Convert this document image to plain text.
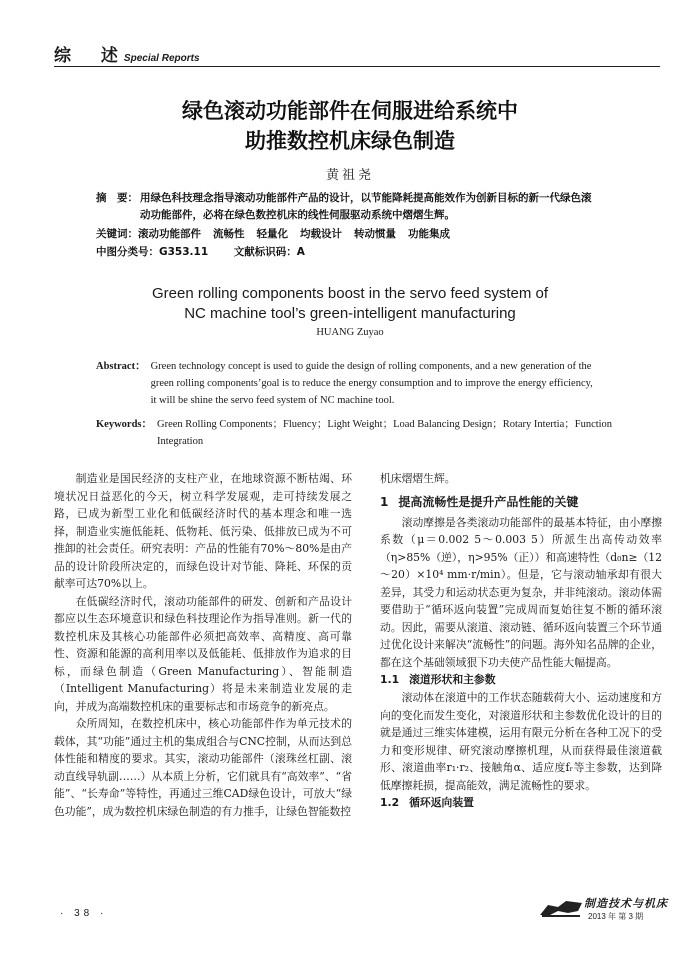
综 述
Special Reports
绿色滚动功能部件在伺服进给系统中
助推数控机床绿色制造
黄祖尧
摘　要： 用绿色科技理念指导滚动功能部件产品的设计，以节能降耗提高能效作为创新目标的新一代绿色滚
动功能部件，必将在绿色数控机床的线性伺服驱动系统中熠熠生辉。
关键词：滚动功能部件 流畅性 轻量化 均载设计 转动惯量 功能集成
中图分类号：G353.11 文献标识码：A
Green rolling components boost in the servo feed system of
NC machine tool’s green-intelligent manufacturing
HUANG Zuyao
Abstract： Green technology concept is used to guide the design of rolling components, and a new generation of the
green rolling components’goal is to reduce the energy consumption and to improve the energy efficiency,
it will be shine the servo feed system of NC machine tool.
Keywords： Green Rolling Components；Fluency；Light Weight；Load Balancing Design；Rotary Intertia；Function
Integration

制造业是国民经济的支柱产业，在地球资源不断枯竭、环境状况日益恶化的今天，树立科学发展观，走可持续发展之路，已成为新型工业化和低碳经济时代的基本理念和唯一选择，制造业实施低能耗、低物耗、低污染、低排放已成为不可推卸的社会责任。研究表明：产品的性能有70%～80%是由产品的设计阶段所决定的，而绿色设计对节能、降耗、环保的贡献率可达70%以上。

在低碳经济时代，滚动功能部件的研发、创新和产品设计都应以生态环境意识和绿色科技理论作为指导准则。新一代的数控机床及其核心功能部件必须把高效率、高精度、高可靠性、资源和能源的高利用率以及低能耗、低排放作为追求的目标，而绿色制造（Green Manufacturing）、智能制造（Intelligent Manufacturing）将是未来制造业发展的走向，并成为高端数控机床的重要标志和市场竞争的新亮点。

众所周知，在数控机床中，核心功能部件作为单元技术的载体，其“功能”通过主机的集成组合与CNC控制，从而达到总体性能和精度的要求。其实，滚动功能部件（滚珠丝杠副、滚动直线导轨副……）从本质上分析，它们就具有“高效率”、“省能”、“长寿命”等特性，再通过三维CAD绿色设计，可放大“绿色功能”，成为数控机床绿色制造的有力推手，让绿色智能数控

机床熠熠生辉。

1 提高流畅性是提升产品性能的关键

滚动摩擦是各类滚动功能部件的最基本特征，由小摩擦系数（μ＝0.002 5～0.003 5）所派生出高传动效率（η>85%（逆），η>95%（正））和高速特性（d₀n≥（12～20）×10⁴ mm·r/min）。但是，它与滚动轴承却有很大差异，其受力和运动状态更为复杂，并非纯滚动。滚动体需要借助于“循环返向装置”完成周而复始往复不断的循环滚动。因此，需要从滚道、滚动链、循环返向装置三个环节通过优化设计来解决“流畅性”的问题。海外知名品牌的企业，都在这个基础领域狠下功夫使产品性能大幅提高。

1.1 滚道形状和主参数

滚动体在滚道中的工作状态随载荷大小、运动速度和方向的变化而发生变化，对滚道形状和主参数优化设计的目的就是通过三维实体建模，运用有限元分析在各种工况下的受力和变形规律、研究滚动摩擦机理，从而获得最佳滚道截形、滚道曲率r₁·r₂、接触角α、适应度fᵣ等主参数，达到降低摩擦耗损，提高能效，满足流畅性的要求。

1.2 循环返向装置
· 38 ·
制造技术与机床
2013 年 第 3 期
